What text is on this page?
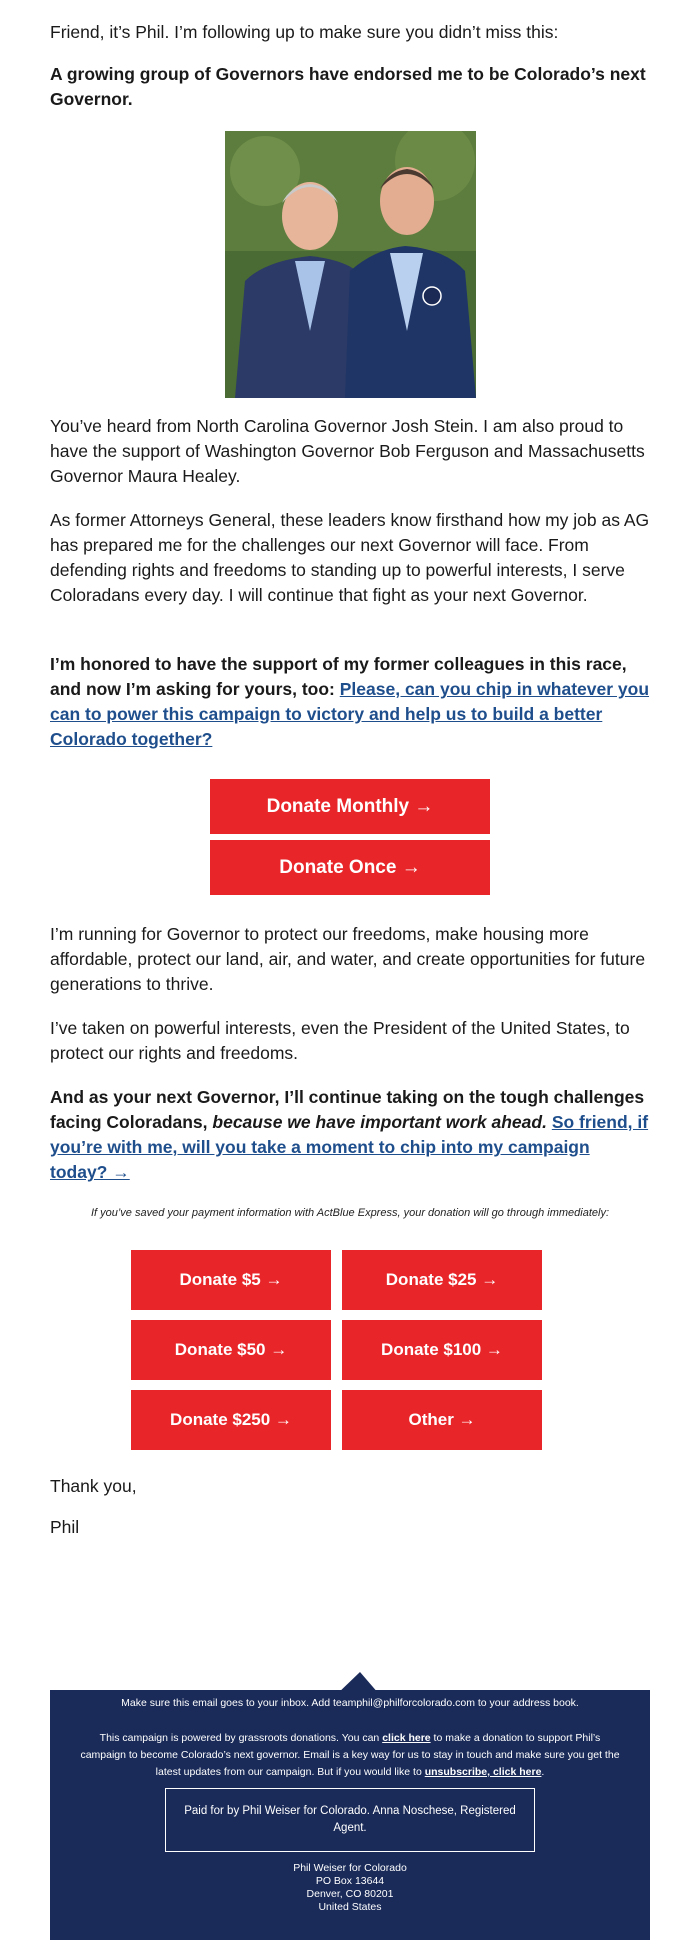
Friend, it’s Phil. I’m following up to make sure you didn’t miss this:

A growing group of Governors have endorsed me to be Colorado’s next Governor.

You’ve heard from North Carolina Governor Josh Stein. I am also proud to have the support of Washington Governor Bob Ferguson and Massachusetts Governor Maura Healey.

As former Attorneys General, these leaders know firsthand how my job as AG has prepared me for the challenges our next Governor will face. From defending rights and freedoms to standing up to powerful interests, I serve Coloradans every day. I will continue that fight as your next Governor.

I’m honored to have the support of my former colleagues in this race, and now I’m asking for yours, too: Please, can you chip in whatever you can to power this campaign to victory and help us to build a better Colorado together?

Donate Monthly →
Donate Once →

I’m running for Governor to protect our freedoms, make housing more affordable, protect our land, air, and water, and create opportunities for future generations to thrive.

I’ve taken on powerful interests, even the President of the United States, to protect our rights and freedoms.

And as your next Governor, I’ll continue taking on the tough challenges facing Coloradans, because we have important work ahead. So friend, if you’re with me, will you take a moment to chip into my campaign today? →

If you’ve saved your payment information with ActBlue Express, your donation will go through immediately:
Donate $5 →	Donate $25 →
Donate $50 →	Donate $100 →
Donate $250 →	Other →

Thank you,

Phil

Make sure this email goes to your inbox. Add teamphil@philforcolorado.com to your address book.
This campaign is powered by grassroots donations. You can click here to make a donation to support Phil’s campaign to become Colorado’s next governor. Email is a key way for us to stay in touch and make sure you get the latest updates from our campaign. But if you would like to unsubscribe, click here.
Paid for by Phil Weiser for Colorado. Anna Noschese, Registered Agent.
Phil Weiser for Colorado
PO Box 13644
Denver, CO 80201
United States
